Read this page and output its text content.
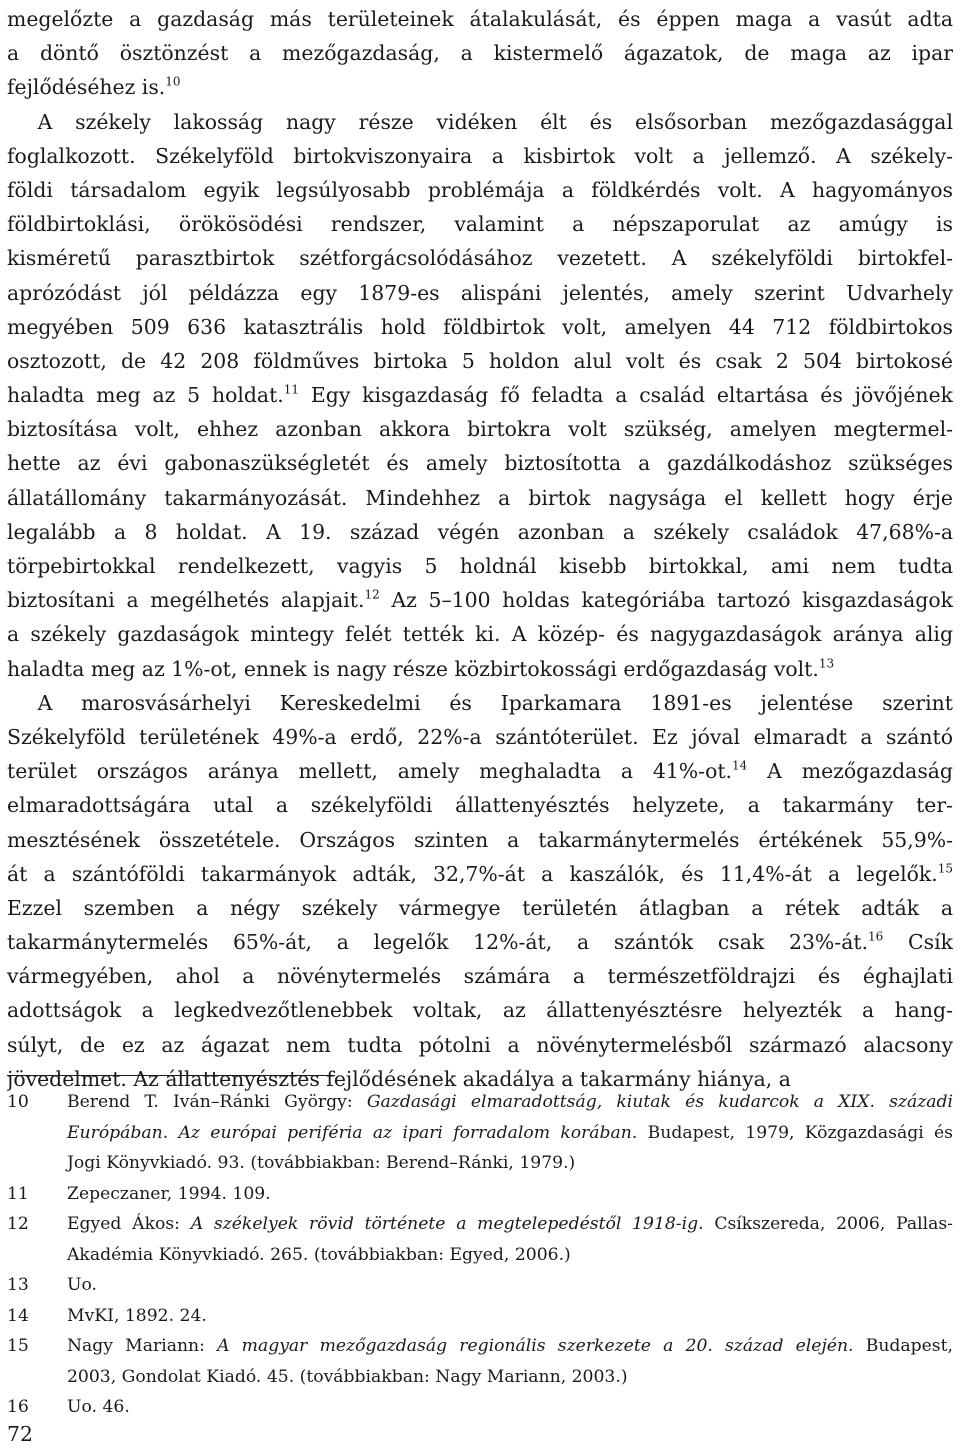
megelőzte a gazdaság más területeinek átalakulását, és éppen maga a vasút adta
a döntő ösztönzést a mezőgazdaság, a kistermelő ágazatok, de maga az ipar
fejlődéséhez is.$^{10}$
  A székely lakosság nagy része vidéken élt és elsősorban mezőgazdasággal
foglalkozott. Székelyföld birtokviszonyaira a kisbirtok volt a jellemző. A székely-
földi társadalom egyik legsúlyosabb problémája a földkérdés volt. A hagyományos
földbirtoklási, örökösödési rendszer, valamint a népszaporulat az amúgy is
kisméretű parasztbirtok szétforgácsolódásához vezetett. A székelyföldi birtokfel-
aprózódást jól példázza egy 1879-es alispáni jelentés, amely szerint Udvarhely
megyében 509 636 katasztrális hold földbirtok volt, amelyen 44 712 földbirtokos
osztozott, de 42 208 földműves birtoka 5 holdon alul volt és csak 2 504 birtokosé
haladta meg az 5 holdat.$^{11}$ Egy kisgazdaság fő feladta a család eltartása és jövőjének
biztosítása volt, ehhez azonban akkora birtokra volt szükség, amelyen megtermel-
hette az évi gabonaszükségletét és amely biztosította a gazdálkodáshoz szükséges
állatállomány takarmányozását. Mindehhez a birtok nagysága el kellett hogy érje
legalább a 8 holdat. A 19. század végén azonban a székely családok 47,68%-a
törpebirtokkal rendelkezett, vagyis 5 holdnál kisebb birtokkal, ami nem tudta
biztosítani a megélhetés alapjait.$^{12}$ Az 5–100 holdas kategóriába tartozó kisgazdaságok
a székely gazdaságok mintegy felét tették ki. A közép- és nagygazdaságok aránya alig
haladta meg az 1%-ot, ennek is nagy része közbirtokossági erdőgazdaság volt.$^{13}$
  A marosvásárhelyi Kereskedelmi és Iparkamara 1891-es jelentése szerint
Székelyföld területének 49%-a erdő, 22%-a szántóterület. Ez jóval elmaradt a szántó
terület országos aránya mellett, amely meghaladta a 41%-ot.$^{14}$ A mezőgazdaság
elmaradottságára utal a székelyföldi állattenyésztés helyzete, a takarmány ter-
mesztésének összetétele. Országos szinten a takarmánytermelés értékének 55,9%-
át a szántóföldi takarmányok adták, 32,7%-át a kaszálók, és 11,4%-át a legelők.$^{15}$
Ezzel szemben a négy székely vármegye területén átlagban a rétek adták a
takarmánytermelés 65%-át, a legelők 12%-át, a szántók csak 23%-át.$^{16}$ Csík
vármegyében, ahol a növénytermelés számára a természetföldrajzi és éghajlati
adottságok a legkedvezőtlenebbek voltak, az állattenyésztésre helyezték a hang-
súlyt, de ez az ágazat nem tudta pótolni a növénytermelésből származó alacsony
jövedelmet. Az állattenyésztés fejlődésének akadálya a takarmány hiánya, a
10 Berend T. Iván–Ránki György: Gazdasági elmaradottság, kiutak és kudarcok a XIX. századi
Európában. Az európai periféria az ipari forradalom korában. Budapest, 1979, Közgazdasági és
Jogi Könyvkiadó. 93. (továbbiakban: Berend–Ránki, 1979.)
11 Zepeczaner, 1994. 109.
12 Egyed Ákos: A székelyek rövid története a megtelepedéstől 1918-ig. Csíkszereda, 2006, Pallas-
Akadémia Könyvkiadó. 265. (továbbiakban: Egyed, 2006.)
13 Uo.
14 MvKI, 1892. 24.
15 Nagy Mariann: A magyar mezőgazdaság regionális szerkezete a 20. század elején. Budapest,
2003, Gondolat Kiadó. 45. (továbbiakban: Nagy Mariann, 2003.)
16 Uo. 46.
72
